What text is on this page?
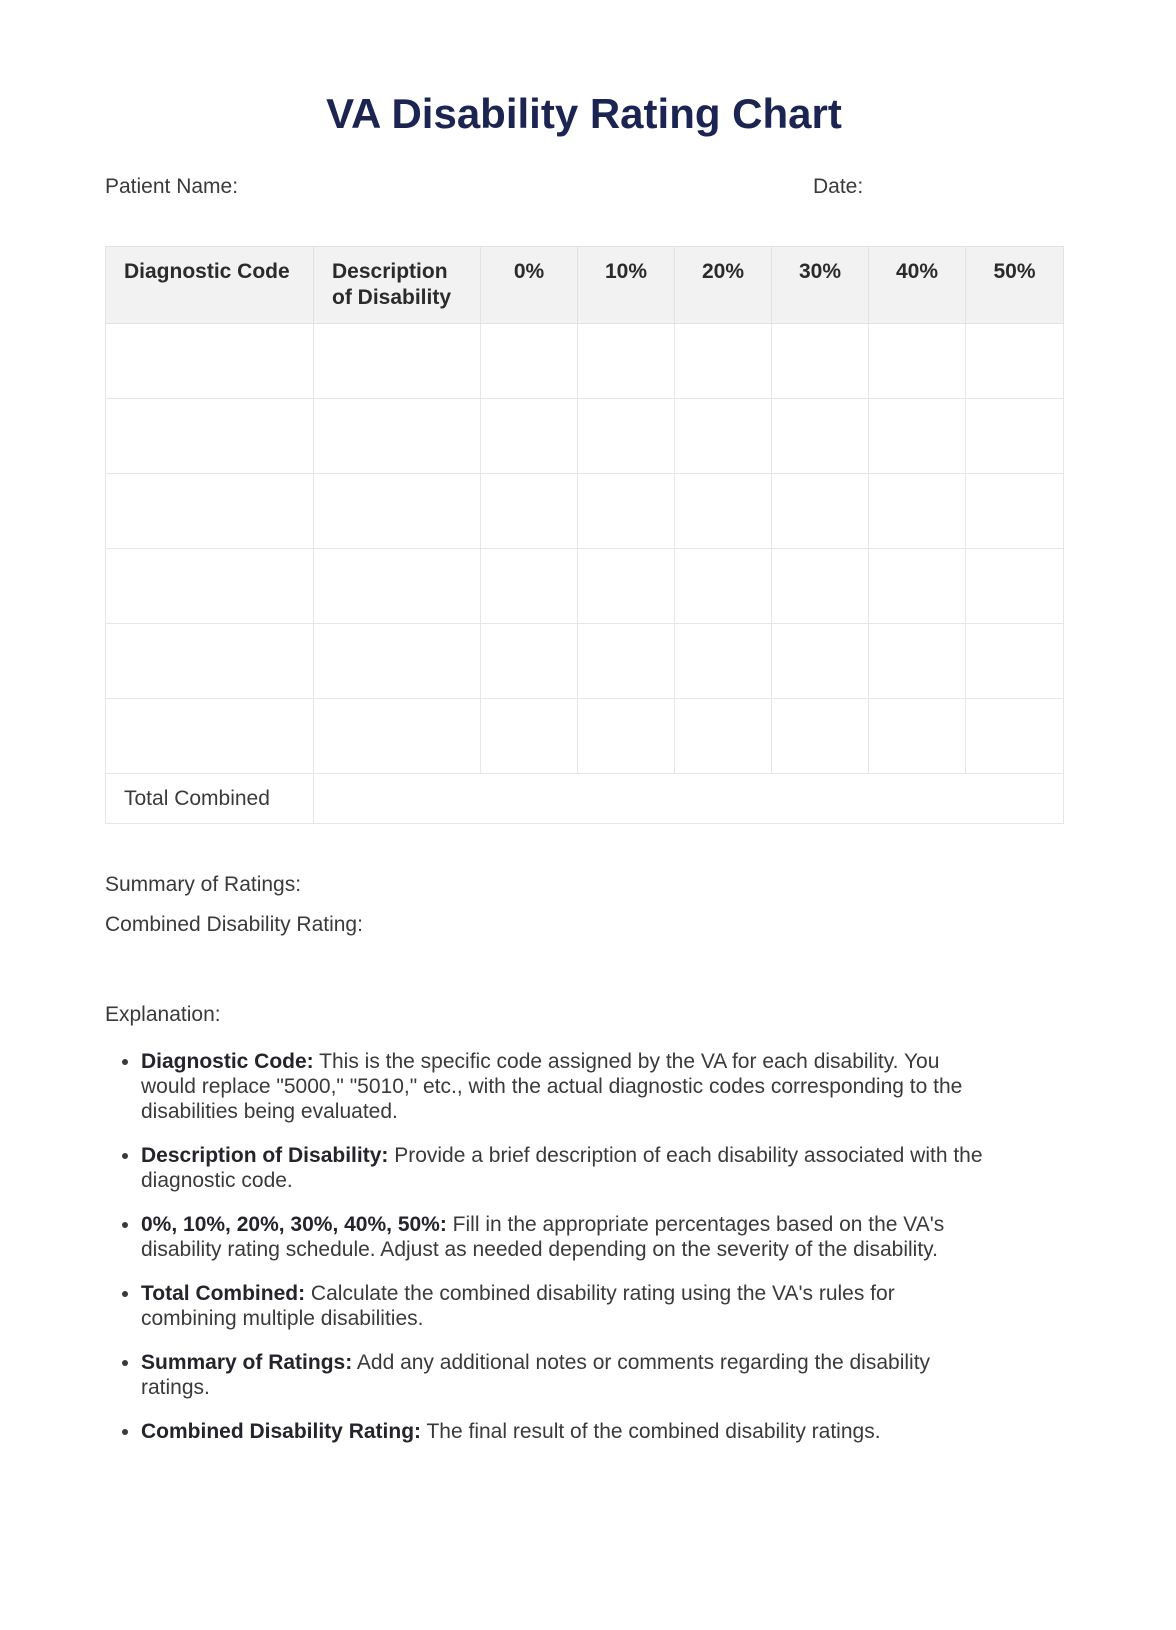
VA Disability Rating Chart
Patient Name:	Date:
Diagnostic Code	Description of Disability	0%	10%	20%	30%	40%	50%

Total Combined							
Summary of Ratings:
Combined Disability Rating:
Explanation:
• Diagnostic Code: This is the specific code assigned by the VA for each disability. You would replace "5000," "5010," etc., with the actual diagnostic codes corresponding to the disabilities being evaluated.
• Description of Disability: Provide a brief description of each disability associated with the diagnostic code.
• 0%, 10%, 20%, 30%, 40%, 50%: Fill in the appropriate percentages based on the VA's disability rating schedule. Adjust as needed depending on the severity of the disability.
• Total Combined: Calculate the combined disability rating using the VA's rules for combining multiple disabilities.
• Summary of Ratings: Add any additional notes or comments regarding the disability ratings.
• Combined Disability Rating: The final result of the combined disability ratings.
